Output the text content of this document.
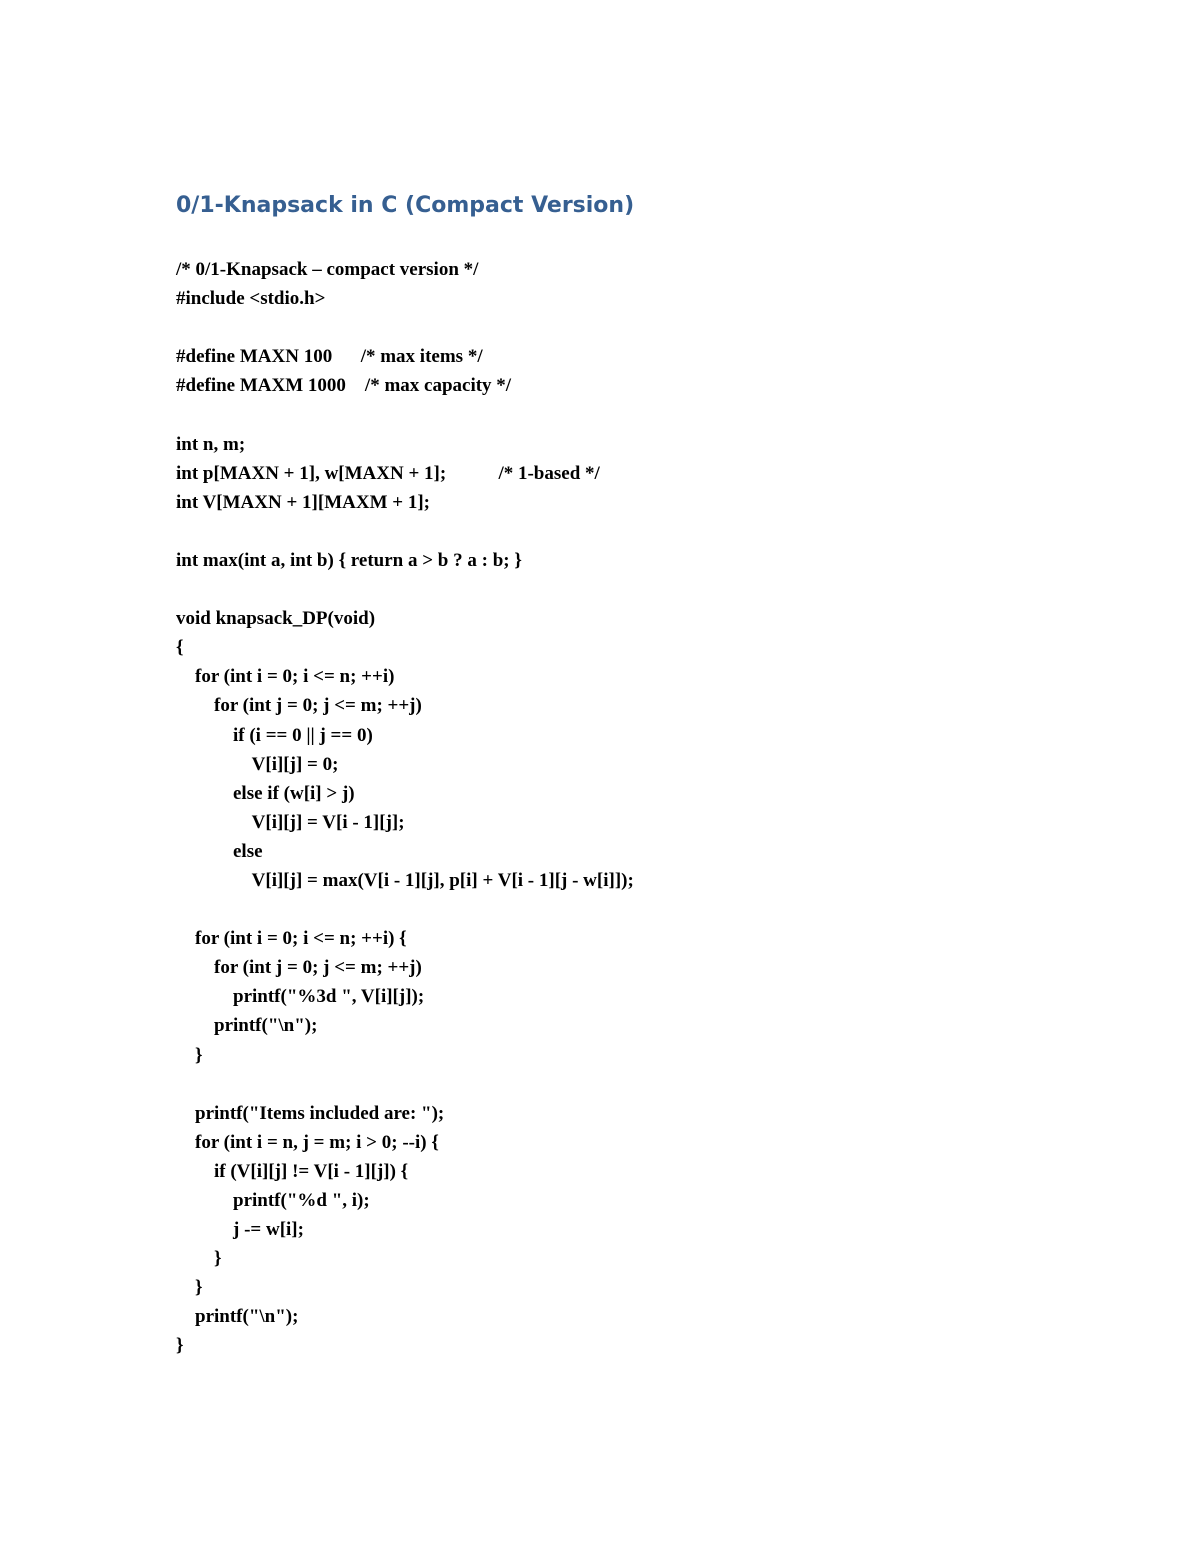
0/1-Knapsack in C (Compact Version)
/* 0/1-Knapsack – compact version */
#include <stdio.h>
#define MAXN 100      /* max items */
#define MAXM 1000    /* max capacity */
int n, m;
int p[MAXN + 1], w[MAXN + 1];           /* 1-based */
int V[MAXN + 1][MAXM + 1];
int max(int a, int b) { return a > b ? a : b; }
void knapsack_DP(void)
{
for (int i = 0; i <= n; ++i)
for (int j = 0; j <= m; ++j)
if (i == 0 || j == 0)
V[i][j] = 0;
else if (w[i] > j)
V[i][j] = V[i - 1][j];
else
V[i][j] = max(V[i - 1][j], p[i] + V[i - 1][j - w[i]]);
for (int i = 0; i <= n; ++i) {
for (int j = 0; j <= m; ++j)
printf("%3d ", V[i][j]);
printf("\n");
}
printf("Items included are: ");
for (int i = n, j = m; i > 0; --i) {
if (V[i][j] != V[i - 1][j]) {
printf("%d ", i);
j -= w[i];
}
}
printf("\n");
}
